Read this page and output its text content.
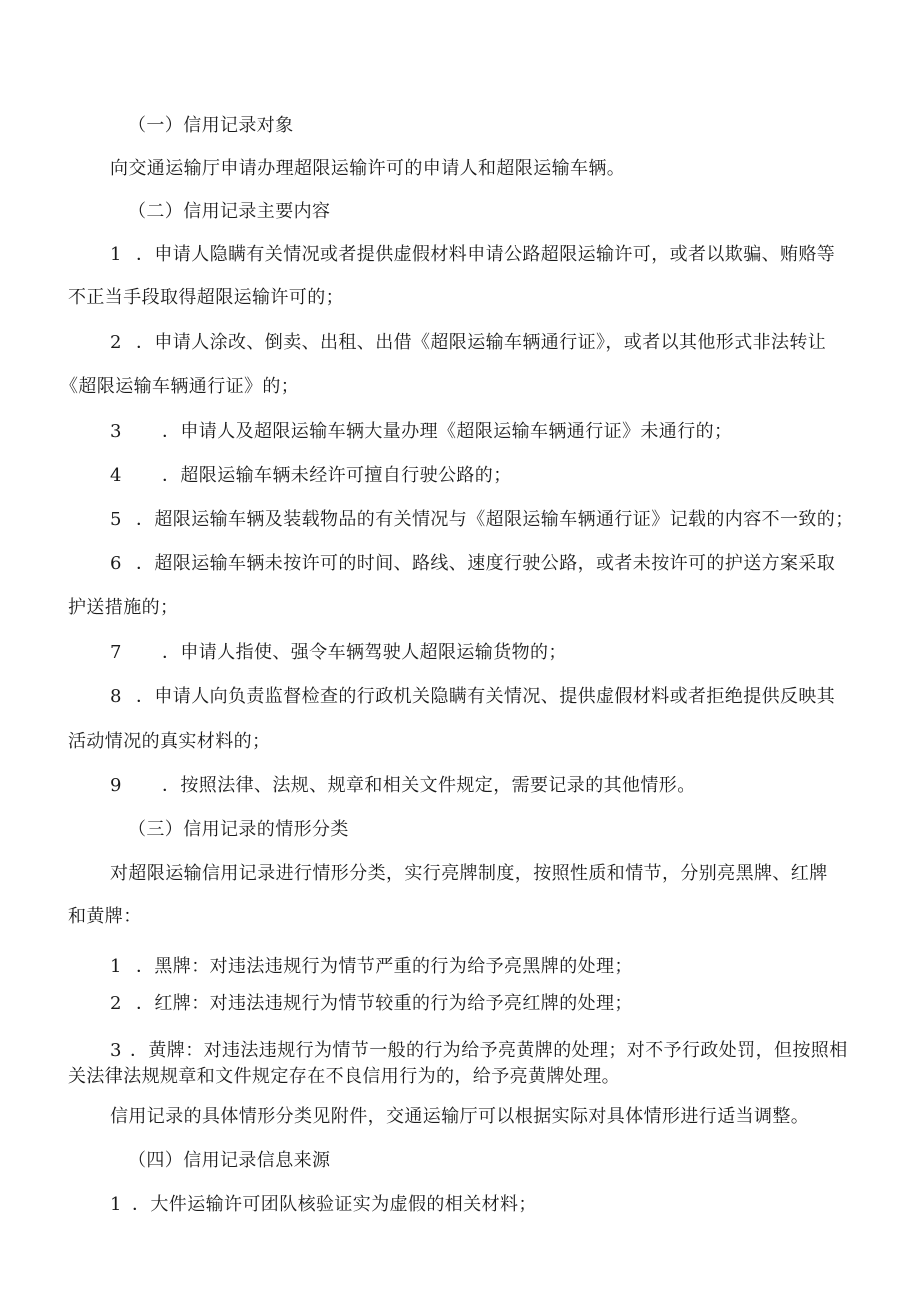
（一）信用记录对象
向交通运输厅申请办理超限运输许可的申请人和超限运输车辆。
（二）信用记录主要内容
1 ．申请人隐瞒有关情况或者提供虚假材料申请公路超限运输许可，或者以欺骗、贿赂等
不正当手段取得超限运输许可的；
2 ．申请人涂改、倒卖、出租、出借《超限运输车辆通行证》，或者以其他形式非法转让
《超限运输车辆通行证》的；
3 ．申请人及超限运输车辆大量办理《超限运输车辆通行证》未通行的；
4 ．超限运输车辆未经许可擅自行驶公路的；
5 ．超限运输车辆及装载物品的有关情况与《超限运输车辆通行证》记载的内容不一致的；
6 ．超限运输车辆未按许可的时间、路线、速度行驶公路，或者未按许可的护送方案采取
护送措施的；
7 ．申请人指使、强令车辆驾驶人超限运输货物的；
8 ．申请人向负责监督检查的行政机关隐瞒有关情况、提供虚假材料或者拒绝提供反映其
活动情况的真实材料的；
9 ．按照法律、法规、规章和相关文件规定，需要记录的其他情形。
（三）信用记录的情形分类
对超限运输信用记录进行情形分类，实行亮牌制度，按照性质和情节，分别亮黑牌、红牌
和黄牌：
1 ．黑牌：对违法违规行为情节严重的行为给予亮黑牌的处理；
2 ．红牌：对违法违规行为情节较重的行为给予亮红牌的处理；
3 ．黄牌：对违法违规行为情节一般的行为给予亮黄牌的处理；对不予行政处罚，但按照相
关法律法规规章和文件规定存在不良信用行为的，给予亮黄牌处理。
信用记录的具体情形分类见附件，交通运输厅可以根据实际对具体情形进行适当调整。
（四）信用记录信息来源
1 ．大件运输许可团队核验证实为虚假的相关材料；
